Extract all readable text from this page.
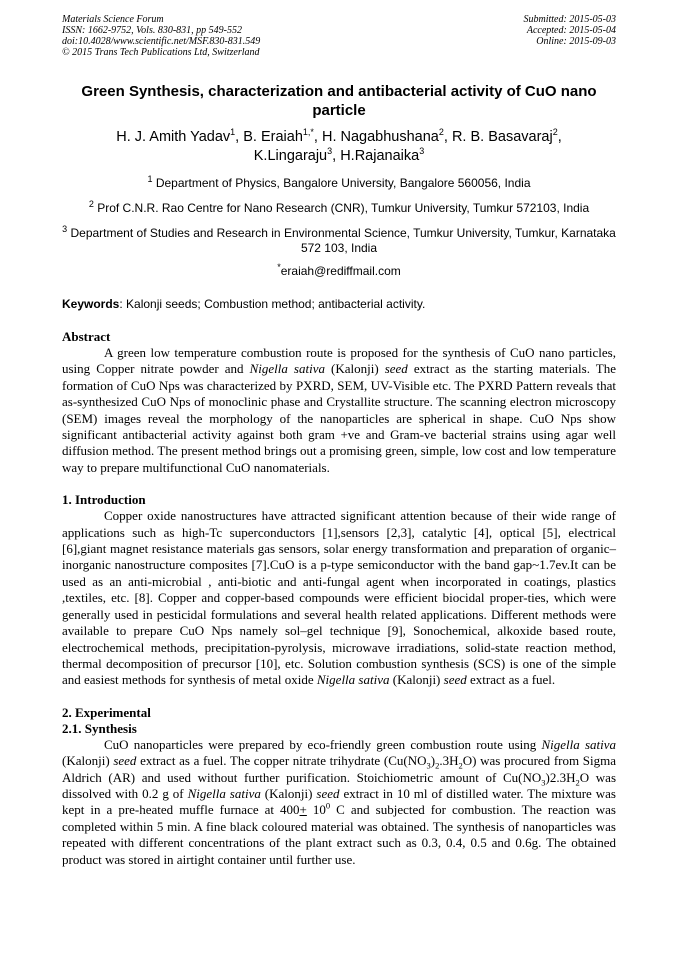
Materials Science Forum
ISSN: 1662-9752, Vols. 830-831, pp 549-552
doi:10.4028/www.scientific.net/MSF.830-831.549
© 2015 Trans Tech Publications Ltd, Switzerland
Submitted: 2015-05-03
Accepted: 2015-05-04
Online: 2015-09-03
Green Synthesis, characterization and antibacterial activity of CuO nano particle
H. J. Amith Yadav$^1$, B. Eraiah$^{1,*}$, H. Nagabhushana$^2$, R. B. Basavaraj$^2$,
K.Lingaraju$^3$, H.Rajanaika$^3$
$^1$ Department of Physics, Bangalore University, Bangalore 560056, India
$^2$ Prof C.N.R. Rao Centre for Nano Research (CNR), Tumkur University, Tumkur 572103, India
$^3$ Department of Studies and Research in Environmental Science, Tumkur University, Tumkur, Karnataka 572 103, India
*eraiah@rediffmail.com
Keywords: Kalonji seeds; Combustion method; antibacterial activity.
Abstract

A green low temperature combustion route is proposed for the synthesis of CuO nano particles, using Copper nitrate powder and Nigella sativa (Kalonji) seed extract as the starting materials. The formation of CuO Nps was characterized by PXRD, SEM, UV-Visible etc. The PXRD Pattern reveals that as-synthesized CuO Nps of monoclinic phase and Crystallite structure. The scanning electron microscopy (SEM) images reveal the morphology of the nanoparticles are spherical in shape. CuO Nps show significant antibacterial activity against both gram +ve and Gram-ve bacterial strains using agar well diffusion method. The present method brings out a promising green, simple, low cost and low temperature way to prepare multifunctional CuO nanomaterials.

1. Introduction

Copper oxide nanostructures have attracted significant attention because of their wide range of applications such as high-Tc superconductors [1],sensors [2,3], catalytic [4], optical [5], electrical [6],giant magnet resistance materials gas sensors, solar energy transformation and preparation of organic–inorganic nanostructure composites [7].CuO is a p-type semiconductor with the band gap~1.7ev.It can be used as an anti-microbial , anti-biotic and anti-fungal agent when incorporated in coatings, plastics ,textiles, etc. [8]. Copper and copper-based compounds were efficient biocidal proper-ties, which were generally used in pesticidal formulations and several health related applications. Different methods were available to prepare CuO Nps namely sol–gel technique [9], Sonochemical, alkoxide based route, electrochemical methods, precipitation-pyrolysis, microwave irradiations, solid-state reaction method, thermal decomposition of precursor [10], etc. Solution combustion synthesis (SCS) is one of the simple and easiest methods for synthesis of metal oxide Nigella sativa (Kalonji) seed extract as a fuel.

2. Experimental
2.1. Synthesis

CuO nanoparticles were prepared by eco-friendly green combustion route using Nigella sativa (Kalonji) seed extract as a fuel. The copper nitrate trihydrate $(Cu(NO_3)_2.3H_2O)$ was procured from Sigma Aldrich (AR) and used without further purification. Stoichiometric amount of $Cu(NO_3)2.3H_2O$ was dissolved with 0.2 g of Nigella sativa (Kalonji) seed extract in 10 ml of distilled water. The mixture was kept in a pre-heated muffle furnace at $400+ 10^0$ C and subjected for combustion. The reaction was completed within 5 min. A fine black coloured material was obtained. The synthesis of nanoparticles was repeated with different concentrations of the plant extract such as 0.3, 0.4, 0.5 and 0.6g. The obtained product was stored in airtight container until further use.
